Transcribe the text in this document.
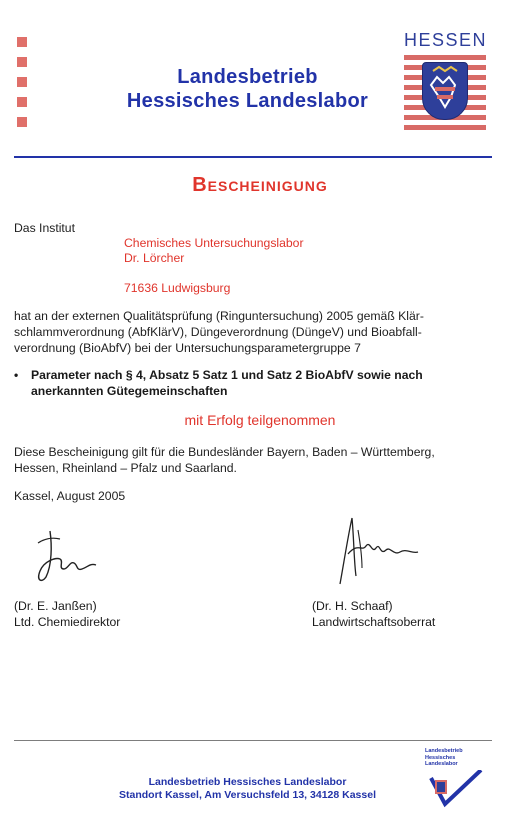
Landesbetrieb
Hessisches Landeslabor
HESSEN
Bescheinigung
Das Institut
Chemisches Untersuchungslabor
Dr. Lörcher
71636 Ludwigsburg
hat an der externen Qualitätsprüfung (Ringuntersuchung) 2005 gemäß Klär-
schlammverordnung (AbfKlärV), Düngeverordnung (DüngeV) und Bioabfall-
verordnung (BioAbfV) bei der Untersuchungsparametergruppe 7
• Parameter nach § 4, Absatz 5 Satz 1 und Satz 2 BioAbfV sowie nach
anerkannten Gütegemeinschaften
mit Erfolg teilgenommen
Diese Bescheinigung gilt für die Bundesländer Bayern, Baden – Württemberg,
Hessen, Rheinland – Pfalz und Saarland.
Kassel, August 2005
(Dr. E. Janßen)
Ltd. Chemiedirektor
(Dr. H. Schaaf)
Landwirtschaftsoberrat
Landesbetrieb Hessisches Landeslabor
Standort Kassel, Am Versuchsfeld 13, 34128 Kassel
Landesbetrieb
Hessisches
Landeslabor
